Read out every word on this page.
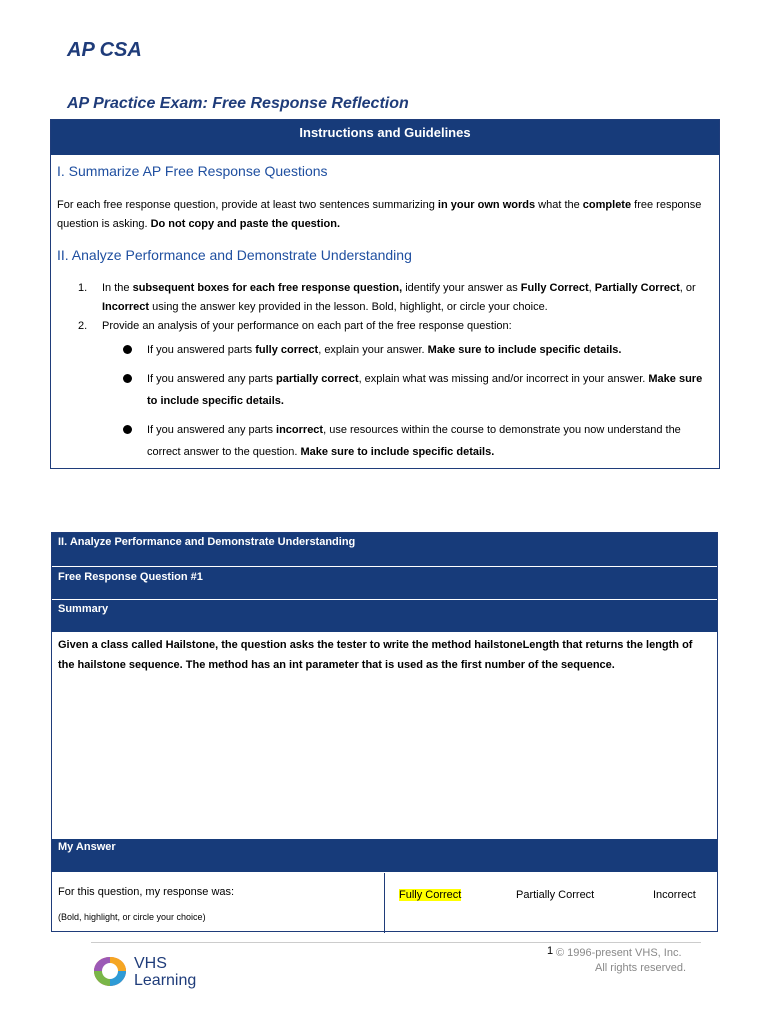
AP CSA
AP Practice Exam: Free Response Reflection
Instructions and Guidelines
I. Summarize AP Free Response Questions
For each free response question, provide at least two sentences summarizing in your own words what the complete free response question is asking. Do not copy and paste the question.
II. Analyze Performance and Demonstrate Understanding
1. In the subsequent boxes for each free response question, identify your answer as Fully Correct, Partially Correct, or Incorrect using the answer key provided in the lesson. Bold, highlight, or circle your choice.
2. Provide an analysis of your performance on each part of the free response question:
If you answered parts fully correct, explain your answer. Make sure to include specific details.
If you answered any parts partially correct, explain what was missing and/or incorrect in your answer. Make sure to include specific details.
If you answered any parts incorrect, use resources within the course to demonstrate you now understand the correct answer to the question. Make sure to include specific details.
II. Analyze Performance and Demonstrate Understanding
Free Response Question #1
Summary
Given a class called Hailstone, the question asks the tester to write the method hailstoneLength that returns the length of the hailstone sequence. The method has an int parameter that is used as the first number of the sequence.
My Answer
For this question, my response was:
(Bold, highlight, or circle your choice)
Fully Correct	Partially Correct	Incorrect
VHS
Learning
1 © 1996-present VHS, Inc.
All rights reserved.
